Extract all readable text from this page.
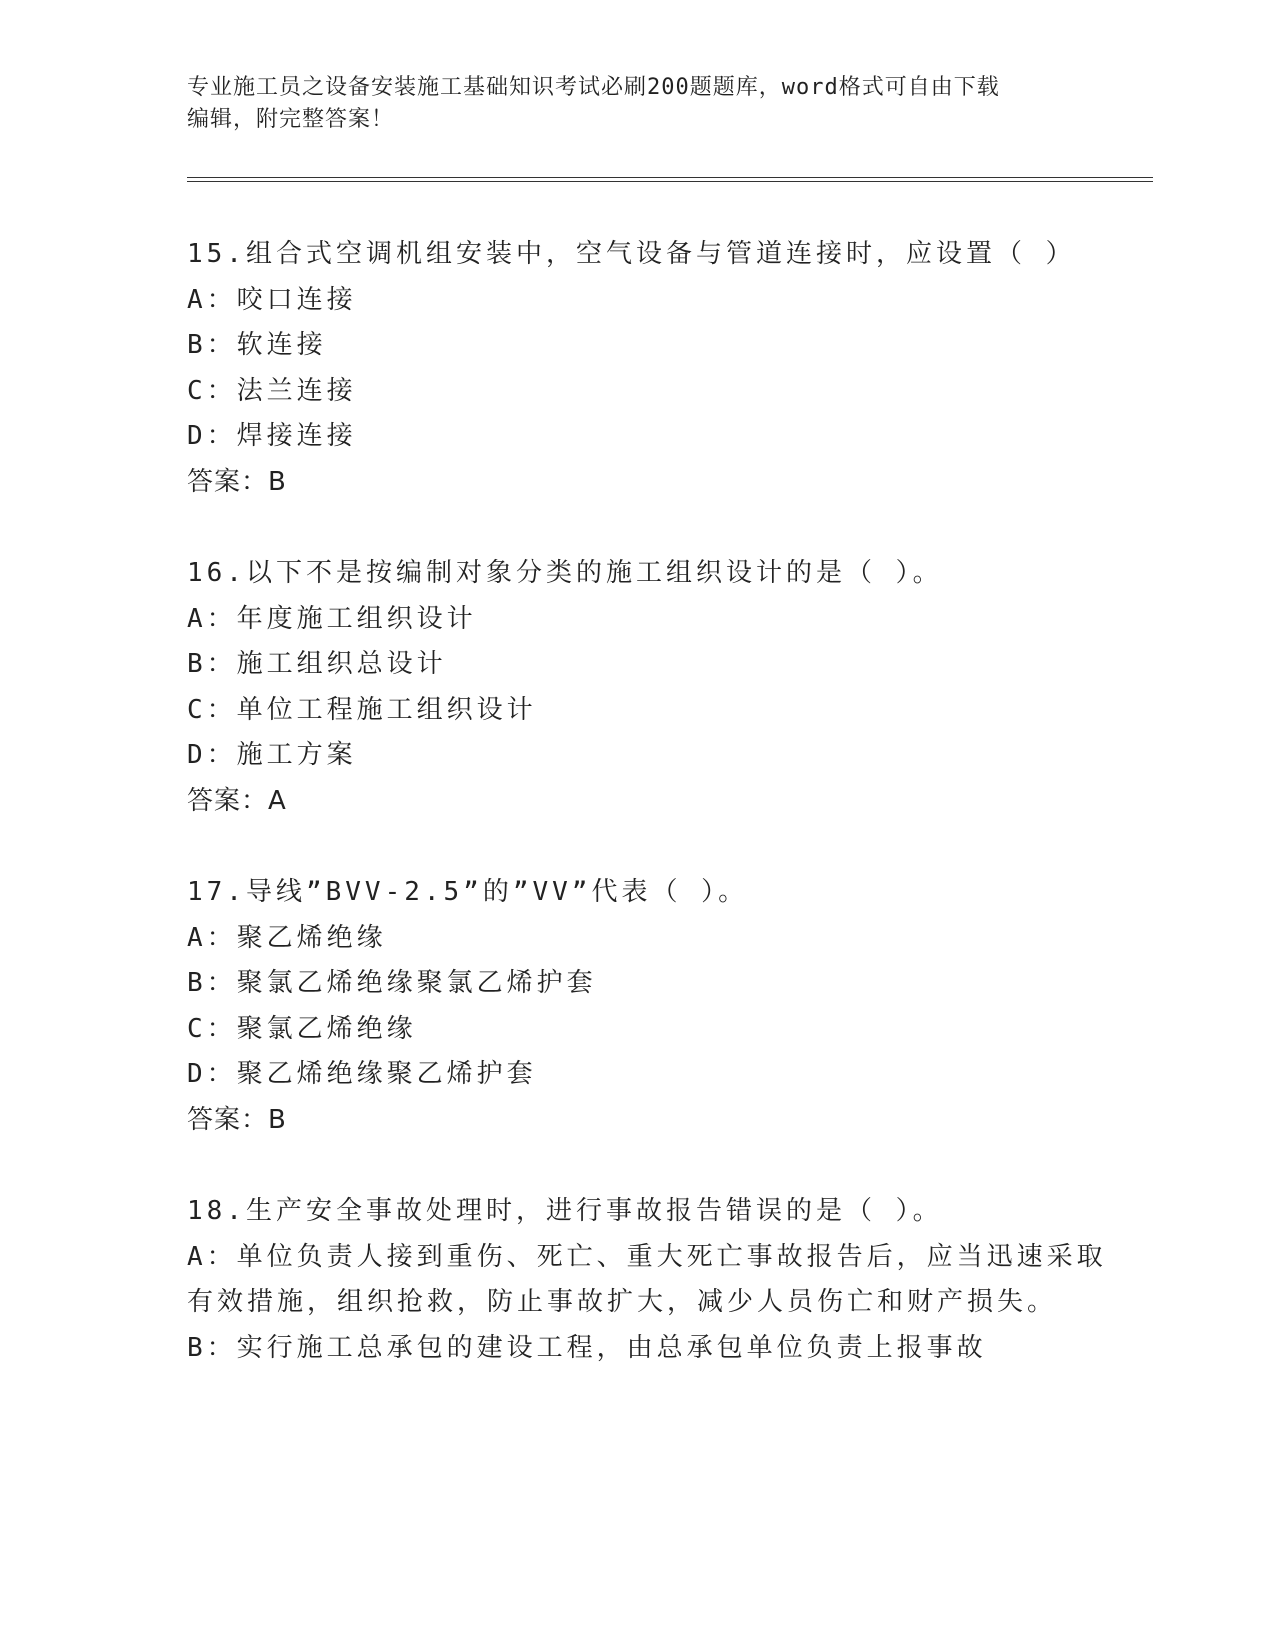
专业施工员之设备安装施工基础知识考试必刷200题题库，word格式可自由下载
编辑，附完整答案！
15.组合式空调机组安装中，空气设备与管道连接时，应设置（ ）
A：咬口连接
B：软连接
C：法兰连接
D：焊接连接
答案：B
16.以下不是按编制对象分类的施工组织设计的是（ ）。
A：年度施工组织设计
B：施工组织总设计
C：单位工程施工组织设计
D：施工方案
答案：A
17.导线”BVV-2.5”的”VV”代表（ ）。
A：聚乙烯绝缘
B：聚氯乙烯绝缘聚氯乙烯护套
C：聚氯乙烯绝缘
D：聚乙烯绝缘聚乙烯护套
答案：B
18.生产安全事故处理时，进行事故报告错误的是（ ）。
A：单位负责人接到重伤、死亡、重大死亡事故报告后，应当迅速采取
有效措施，组织抢救，防止事故扩大，减少人员伤亡和财产损失。
B：实行施工总承包的建设工程，由总承包单位负责上报事故
